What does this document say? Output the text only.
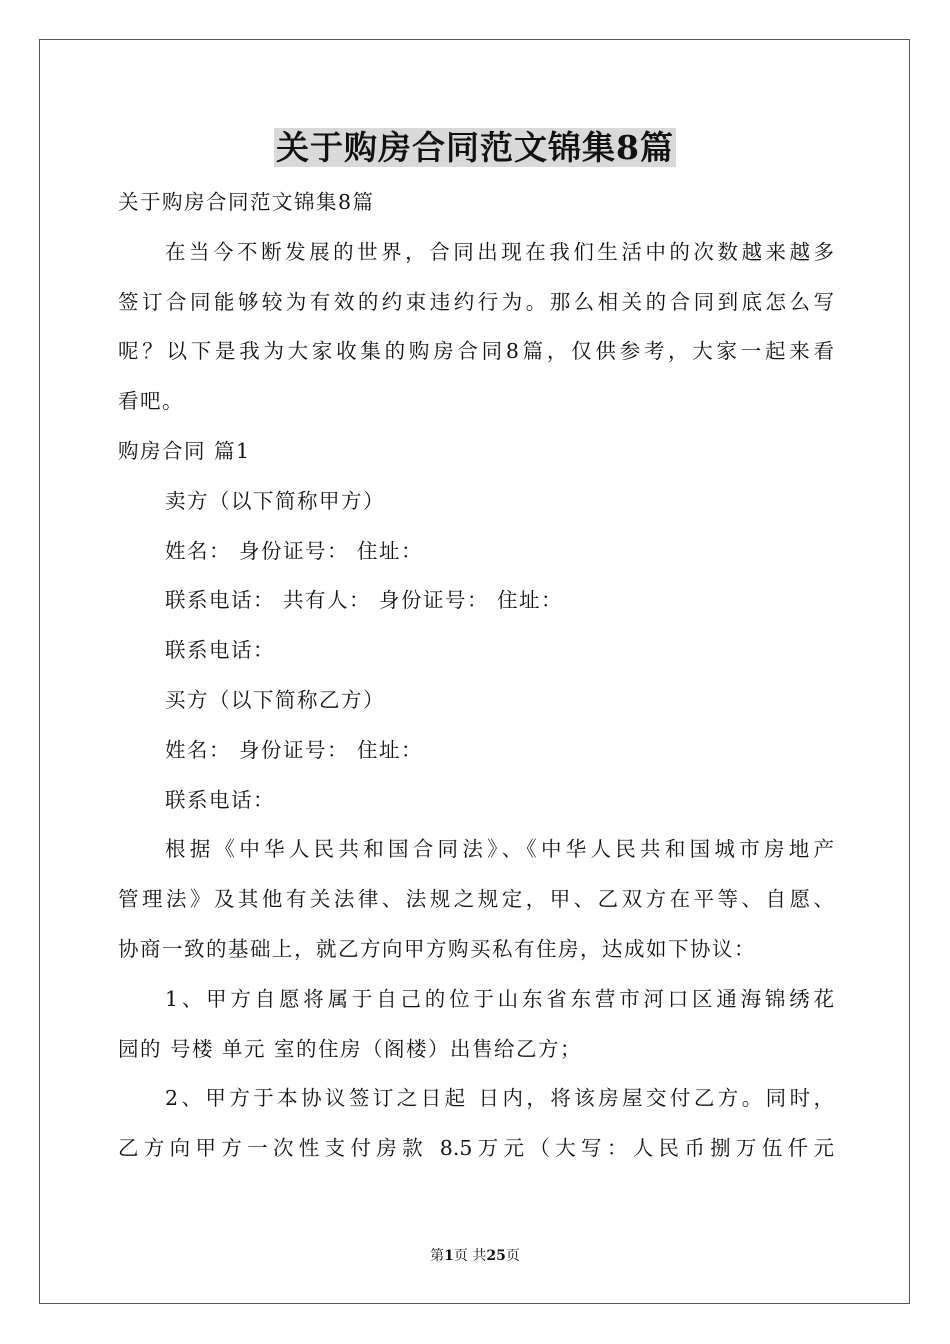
关于购房合同范文锦集8篇
关于购房合同范文锦集8篇
在当今不断发展的世界，合同出现在我们生活中的次数越来越多
签订合同能够较为有效的约束违约行为。那么相关的合同到底怎么写
呢？以下是我为大家收集的购房合同8篇，仅供参考，大家一起来看
看吧。
购房合同 篇1
卖方（以下简称甲方）
姓名： 身份证号： 住址：
联系电话： 共有人： 身份证号： 住址：
联系电话：
买方（以下简称乙方）
姓名： 身份证号： 住址：
联系电话：
根据《中华人民共和国合同法》、《中华人民共和国城市房地产
管理法》及其他有关法律、法规之规定，甲、乙双方在平等、自愿、
协商一致的基础上，就乙方向甲方购买私有住房，达成如下协议：
1、甲方自愿将属于自己的位于山东省东营市河口区通海锦绣花
园的 号楼 单元 室的住房（阁楼）出售给乙方；
2、甲方于本协议签订之日起 日内，将该房屋交付乙方。同时，
乙方向甲方一次性支付房款 8.5万元（大写：人民币捌万伍仟元
第1页 共25页
